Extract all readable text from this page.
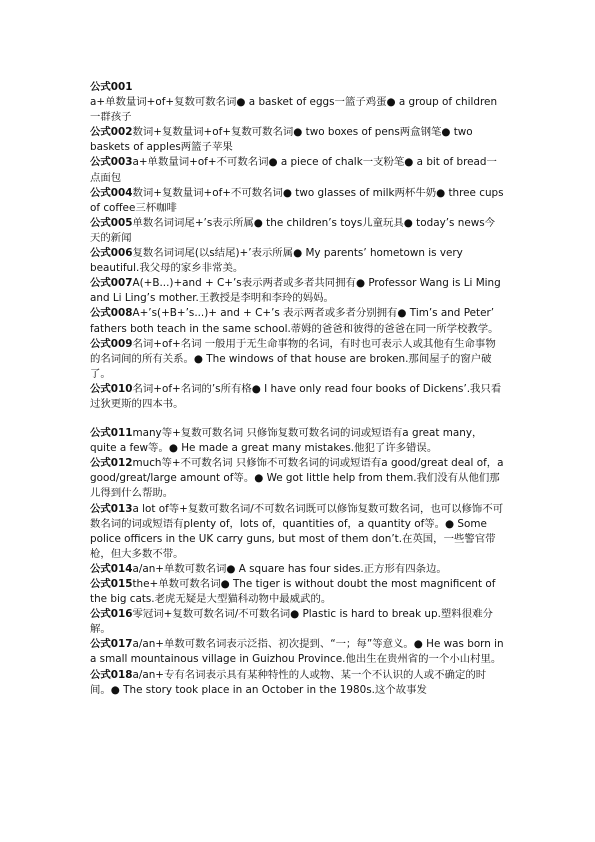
公式001
a+单数量词+of+复数可数名词● a basket of eggs一篮子鸡蛋● a group of children一群孩子

公式002数词+复数量词+of+复数可数名词● two boxes of pens两盒钢笔● two baskets of apples两篮子苹果

公式003a+单数量词+of+不可数名词● a piece of chalk一支粉笔● a bit of bread一点面包

公式004数词+复数量词+of+不可数名词● two glasses of milk两杯牛奶● three cups of coffee三杯咖啡

公式005单数名词词尾+’s表示所属● the children’s toys儿童玩具● today’s news今天的新闻

公式006复数名词词尾(以s结尾)+’表示所属● My parents’ hometown is very beautiful.我父母的家乡非常美。

公式007A(+B...)+and + C+’s表示两者或多者共同拥有● Professor Wang is Li Ming and Li Ling’s mother.王教授是李明和李玲的妈妈。

公式008A+’s(+B+’s...)+ and + C+’s 表示两者或多者分别拥有● Tim’s and Peter’ fathers both teach in the same school.蒂姆的爸爸和彼得的爸爸在同一所学校教学。

公式009名词+of+名词 一般用于无生命事物的名词，有时也可表示人或其他有生命事物的名词间的所有关系。● The windows of that house are broken.那间屋子的窗户破了。

公式010名词+of+名词的’s所有格● I have only read four books of Dickens’.我只看过狄更斯的四本书。

公式011many等+复数可数名词 只修饰复数可数名词的词或短语有a great many，quite a few等。● He made a great many mistakes.他犯了许多错误。

公式012much等+不可数名词 只修饰不可数名词的词或短语有a good/great deal of，a good/great/large amount of等。● We got little help from them.我们没有从他们那儿得到什么帮助。

公式013a lot of等+复数可数名词/不可数名词既可以修饰复数可数名词，也可以修饰不可数名词的词或短语有plenty of，lots of，quantities of，a quantity of等。● Some police officers in the UK carry guns, but most of them don’t.在英国，一些警官带枪，但大多数不带。

公式014a/an+单数可数名词● A square has four sides.正方形有四条边。

公式015the+单数可数名词● The tiger is without doubt the most magnificent of the big cats.老虎无疑是大型猫科动物中最威武的。

公式016零冠词+复数可数名词/不可数名词● Plastic is hard to break up.塑料很难分解。

公式017a/an+单数可数名词表示泛指、初次提到、“一；每”等意义。● He was born in a small mountainous village in Guizhou Province.他出生在贵州省的一个小山村里。

公式018a/an+专有名词表示具有某种特性的人或物、某一个不认识的人或不确定的时间。● The story took place in an October in the 1980s.这个故事发
